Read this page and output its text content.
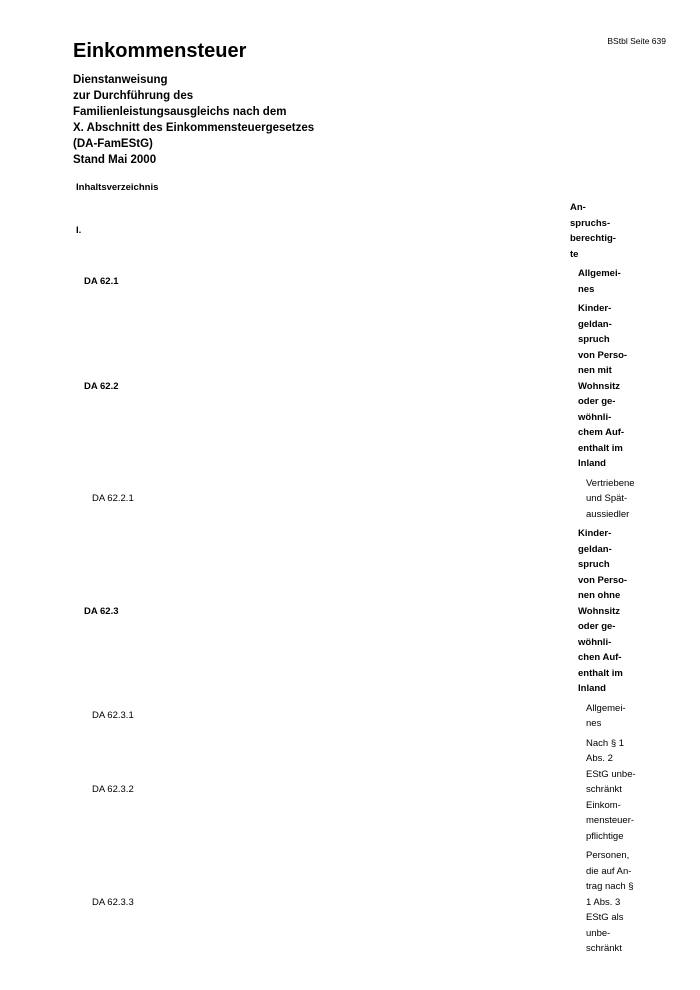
BStbl Seite 639
Einkommensteuer
Dienstanweisung
zur Durchführung des
Familienleistungsausgleichs nach dem
X. Abschnitt des Einkommensteuergesetzes
(DA-FamEStG)
Stand Mai 2000
Inhaltsverzeichnis
I.
An-
spruchs-
berechtig-
te
DA 62.1
Allgemei-
nes
DA 62.2
Kinder-
geldan-
spruch
von Perso-
nen mit
Wohnsitz
oder ge-
wöhnli-
chem Auf-
enthalt im
Inland
DA 62.2.1
Vertriebene
und Spät-
aussiedler
DA 62.3
Kinder-
geldan-
spruch
von Perso-
nen ohne
Wohnsitz
oder ge-
wöhnli-
chen Auf-
enthalt im
Inland
DA 62.3.1
Allgemei-
nes
DA 62.3.2
Nach § 1
Abs. 2
EStG unbe-
schränkt
Einkom-
mensteuer-
pflichtige
DA 62.3.3
Personen,
die auf An-
trag nach §
1 Abs. 3
EStG als
unbe-
schränkt
